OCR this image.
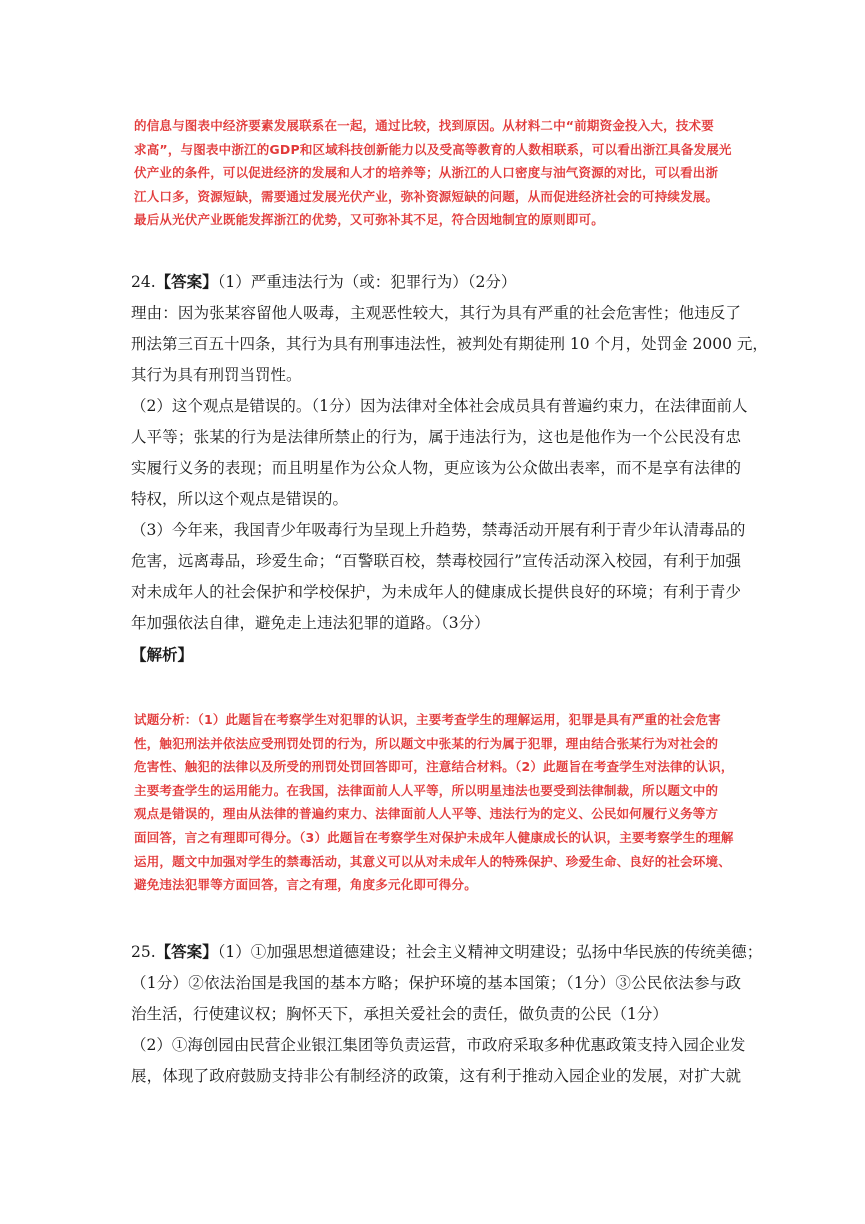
的信息与图表中经济要素发展联系在一起，通过比较，找到原因。从材料二中“前期资金投入大，技术要

求高”，与图表中浙江的GDP和区域科技创新能力以及受高等教育的人数相联系，可以看出浙江具备发展光

伏产业的条件，可以促进经济的发展和人才的培养等；从浙江的人口密度与油气资源的对比，可以看出浙

江人口多，资源短缺，需要通过发展光伏产业，弥补资源短缺的问题，从而促进经济社会的可持续发展。

最后从光伏产业既能发挥浙江的优势，又可弥补其不足，符合因地制宜的原则即可。

24.【答案】（1）严重违法行为（或：犯罪行为）（2分）

理由：因为张某容留他人吸毒，主观恶性较大，其行为具有严重的社会危害性；他违反了

刑法第三百五十四条，其行为具有刑事违法性，被判处有期徒刑 10 个月，处罚金 2000 元，

其行为具有刑罚当罚性。

（2）这个观点是错误的。（1分）因为法律对全体社会成员具有普遍约束力，在法律面前人

人平等；张某的行为是法律所禁止的行为，属于违法行为，这也是他作为一个公民没有忠

实履行义务的表现；而且明星作为公众人物，更应该为公众做出表率，而不是享有法律的

特权，所以这个观点是错误的。

（3）今年来，我国青少年吸毒行为呈现上升趋势，禁毒活动开展有利于青少年认清毒品的

危害，远离毒品，珍爱生命；“百警联百校，禁毒校园行”宣传活动深入校园，有利于加强

对未成年人的社会保护和学校保护，为未成年人的健康成长提供良好的环境；有利于青少

年加强依法自律，避免走上违法犯罪的道路。（3分）

【解析】

试题分析：（1）此题旨在考察学生对犯罪的认识，主要考查学生的理解运用，犯罪是具有严重的社会危害

性，触犯刑法并依法应受刑罚处罚的行为，所以题文中张某的行为属于犯罪，理由结合张某行为对社会的

危害性、触犯的法律以及所受的刑罚处罚回答即可，注意结合材料。（2）此题旨在考查学生对法律的认识，

主要考查学生的运用能力。在我国，法律面前人人平等，所以明星违法也要受到法律制裁，所以题文中的

观点是错误的，理由从法律的普遍约束力、法律面前人人平等、违法行为的定义、公民如何履行义务等方

面回答，言之有理即可得分。（3）此题旨在考察学生对保护未成年人健康成长的认识，主要考察学生的理解

运用，题文中加强对学生的禁毒活动，其意义可以从对未成年人的特殊保护、珍爱生命、良好的社会环境、

避免违法犯罪等方面回答，言之有理，角度多元化即可得分。

25.【答案】（1）①加强思想道德建设；社会主义精神文明建设；弘扬中华民族的传统美德；

（1分）②依法治国是我国的基本方略；保护环境的基本国策；（1分）③公民依法参与政

治生活，行使建议权；胸怀天下，承担关爱社会的责任，做负责的公民（1分）

（2）①海创园由民营企业银江集团等负责运营，市政府采取多种优惠政策支持入园企业发

展，体现了政府鼓励支持非公有制经济的政策，这有利于推动入园企业的发展，对扩大就
